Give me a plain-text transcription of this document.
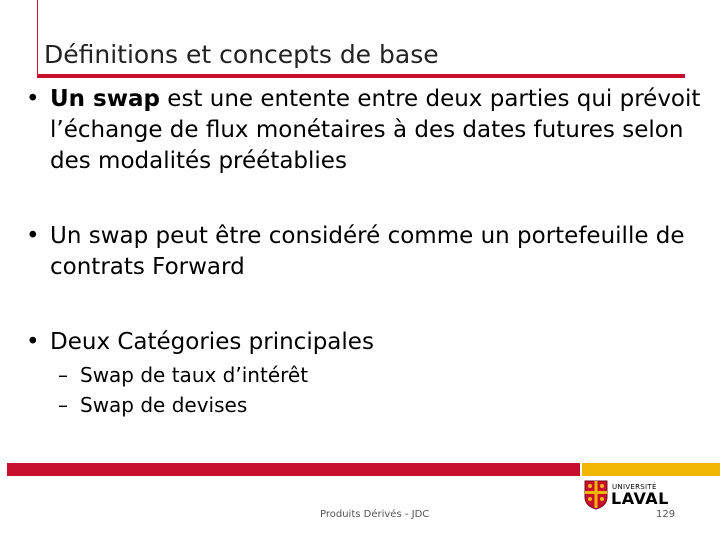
Définitions et concepts de base
• Un swap est une entente entre deux parties qui prévoit l’échange de flux monétaires à des dates futures selon des modalités préétablies
• Un swap peut être considéré comme un portefeuille de contrats Forward
• Deux Catégories principales
– Swap de taux d’intérêt
– Swap de devises
UNIVERSITÉ
LAVAL
Produits Dérivés - JDC	129
